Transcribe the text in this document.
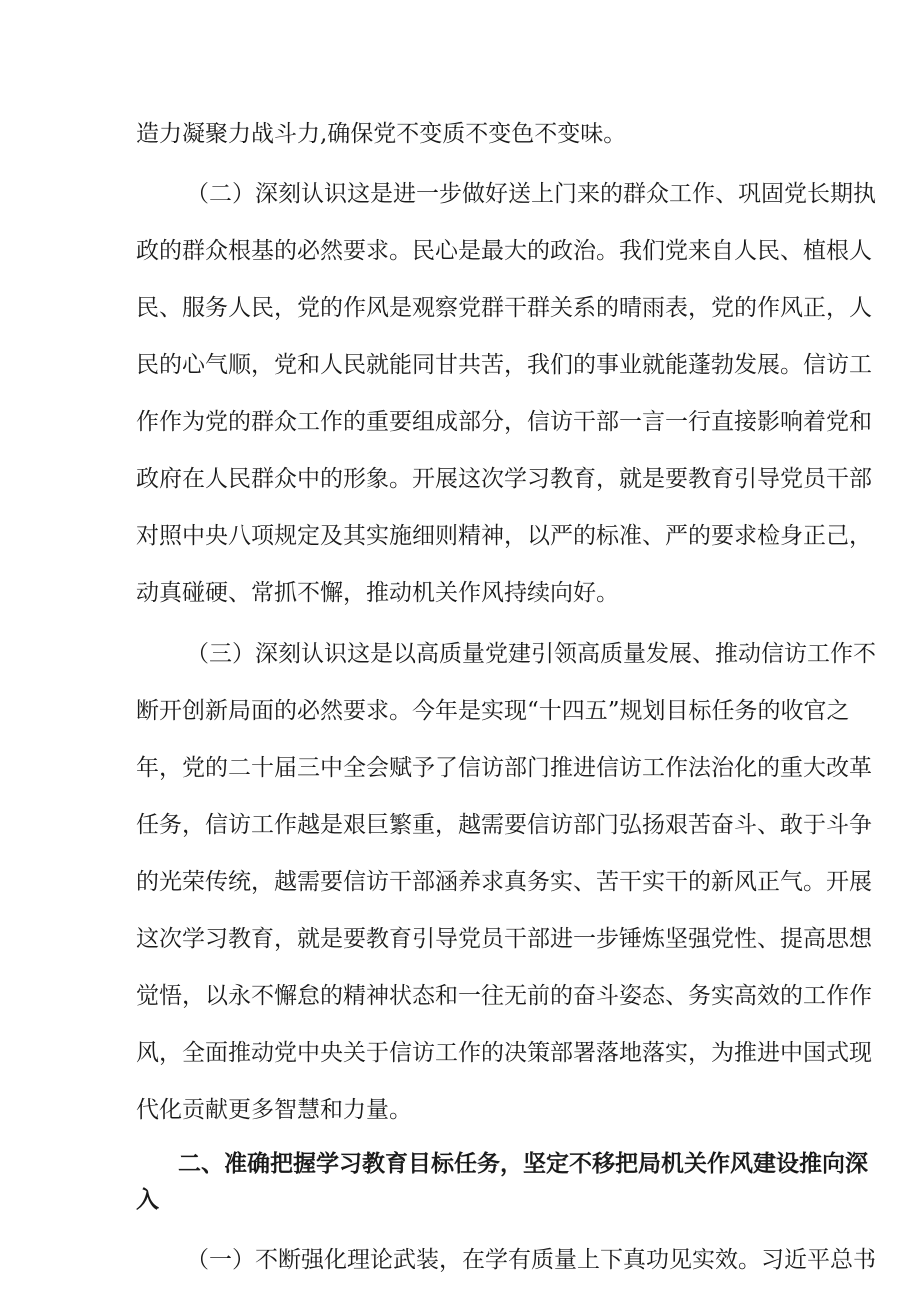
造力凝聚力战斗力,确保党不变质不变色不变味。
（二）深刻认识这是进一步做好送上门来的群众工作、巩固党长期执
政的群众根基的必然要求。民心是最大的政治。我们党来自人民、植根人
民、服务人民，党的作风是观察党群干群关系的晴雨表，党的作风正，人
民的心气顺，党和人民就能同甘共苦，我们的事业就能蓬勃发展。信访工
作作为党的群众工作的重要组成部分，信访干部一言一行直接影响着党和
政府在人民群众中的形象。开展这次学习教育，就是要教育引导党员干部
对照中央八项规定及其实施细则精神，以严的标准、严的要求检身正己，
动真碰硬、常抓不懈，推动机关作风持续向好。
（三）深刻认识这是以高质量党建引领高质量发展、推动信访工作不
断开创新局面的必然要求。今年是实现“十四五”规划目标任务的收官之
年，党的二十届三中全会赋予了信访部门推进信访工作法治化的重大改革
任务，信访工作越是艰巨繁重，越需要信访部门弘扬艰苦奋斗、敢于斗争
的光荣传统，越需要信访干部涵养求真务实、苦干实干的新风正气。开展
这次学习教育，就是要教育引导党员干部进一步锤炼坚强党性、提高思想
觉悟，以永不懈怠的精神状态和一往无前的奋斗姿态、务实高效的工作作
风，全面推动党中央关于信访工作的决策部署落地落实，为推进中国式现
代化贡献更多智慧和力量。
二、准确把握学习教育目标任务，坚定不移把局机关作风建设推向深
入
（一）不断强化理论武装，在学有质量上下真功见实效。习近平总书
